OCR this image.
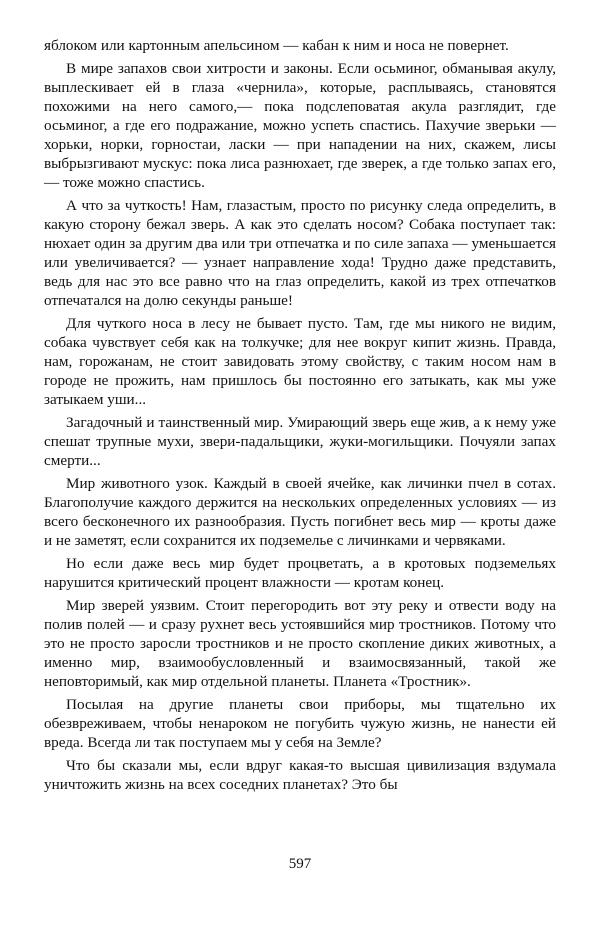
яблоком или картонным апельсином — кабан к ним и носа не повернет.

В мире запахов свои хитрости и законы. Если осьминог, обманывая акулу, выплескивает ей в глаза «чернила», которые, расплываясь, становятся похожими на него самого,— пока подслеповатая акула разглядит, где осьминог, а где его подражание, можно успеть спастись. Пахучие зверьки — хорьки, норки, горностаи, ласки — при нападении на них, скажем, лисы выбрызгивают мускус: пока лиса разнюхает, где зверек, а где только запах его,— тоже можно спастись.

А что за чуткость! Нам, глазастым, просто по рисунку следа определить, в какую сторону бежал зверь. А как это сделать носом? Собака поступает так: нюхает один за другим два или три отпечатка и по силе запаха — уменьшается или увеличивается? — узнает направление хода! Трудно даже представить, ведь для нас это все равно что на глаз определить, какой из трех отпечатков отпечатался на долю секунды раньше!

Для чуткого носа в лесу не бывает пусто. Там, где мы никого не видим, собака чувствует себя как на толкучке; для нее вокруг кипит жизнь. Правда, нам, горожанам, не стоит завидовать этому свойству, с таким носом нам в городе не прожить, нам пришлось бы постоянно его затыкать, как мы уже затыкаем уши...

Загадочный и таинственный мир. Умирающий зверь еще жив, а к нему уже спешат трупные мухи, звери-падальщики, жуки-могильщики. Почуяли запах смерти...

Мир животного узок. Каждый в своей ячейке, как личинки пчел в сотах. Благополучие каждого держится на нескольких определенных условиях — из всего бесконечного их разнообразия. Пусть погибнет весь мир — кроты даже и не заметят, если сохранится их подземелье с личинками и червяками.

Но если даже весь мир будет процветать, а в кротовых подземельях нарушится критический процент влажности — кротам конец.

Мир зверей уязвим. Стоит перегородить вот эту реку и отвести воду на полив полей — и сразу рухнет весь устоявшийся мир тростников. Потому что это не просто заросли тростников и не просто скопление диких животных, а именно мир, взаимообусловленный и взаимосвязанный, такой же неповторимый, как мир отдельной планеты. Планета «Тростник».

Посылая на другие планеты свои приборы, мы тщательно их обезвреживаем, чтобы ненароком не погубить чужую жизнь, не нанести ей вреда. Всегда ли так поступаем мы у себя на Земле?

Что бы сказали мы, если вдруг какая-то высшая цивилизация вздумала уничтожить жизнь на всех соседних планетах? Это бы

597
